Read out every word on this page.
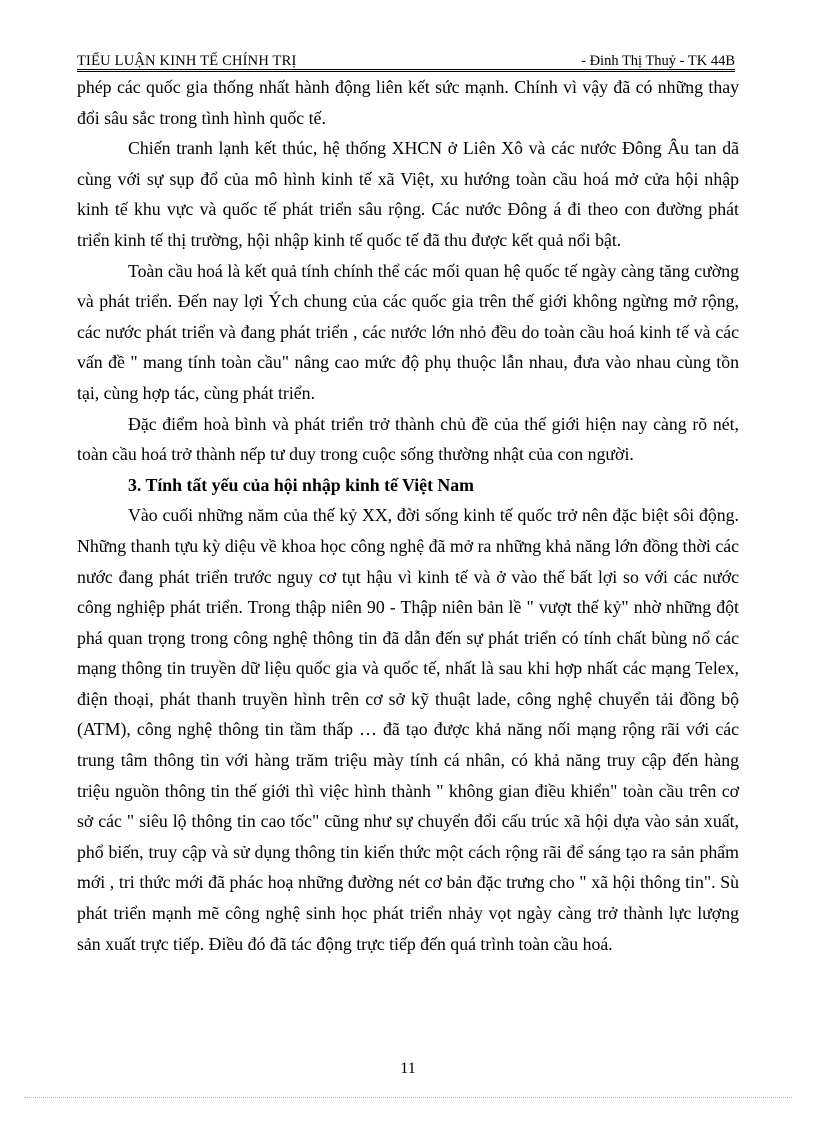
TIỂU LUẬN KINH TẾ CHÍNH TRỊ	- Đinh Thị Thuỷ - TK 44B

phép các quốc gia thống nhất hành động liên kết sức mạnh. Chính vì vậy đã có những thay đổi sâu sắc trong tình hình quốc tế.

Chiến tranh lạnh kết thúc, hệ thống XHCN ở Liên Xô và các nước Đông Âu tan dã cùng với sự sụp đổ của mô hình kinh tế xã Việt, xu hướng toàn cầu hoá mở cửa hội nhập kinh tế khu vực và quốc tế phát triển sâu rộng. Các nước Đông á đi theo con đường phát triển kinh tế thị trường, hội nhập kinh tế quốc tế đã thu được kết quả nổi bật.

Toàn cầu hoá là kết quả tính chính thể các mối quan hệ quốc tế ngày càng tăng cường và phát triển. Đến nay lợi Ých chung của các quốc gia trên thế giới không ngừng mở rộng, các nước phát triển và đang phát triển , các nước lớn nhỏ đều do toàn cầu hoá kinh tế và các vấn đề " mang tính toàn cầu" nâng cao mức độ phụ thuộc lẫn nhau, đưa vào nhau cùng tồn tại, cùng hợp tác, cùng phát triển.

Đặc điểm hoà bình và phát triển trở thành chủ đề của thế giới hiện nay càng rõ nét, toàn cầu hoá trở thành nếp tư duy trong cuộc sống thường nhật của con người.

3. Tính tất yếu của hội nhập kinh tế Việt Nam

Vào cuối những năm của thế kỷ XX, đời sống kinh tế quốc trở nên đặc biệt sôi động. Những thanh tựu kỳ diệu về khoa học công nghệ đã mở ra những khả năng lớn đồng thời các nước đang phát triển trước nguy cơ tụt hậu vì kinh tế và ở vào thế bất lợi so với các nước công nghiệp phát triển. Trong thập niên 90 - Thập niên bản lề " vượt thế kỷ" nhờ những đột phá quan trọng trong công nghệ thông tin đã dẫn đến sự phát triển có tính chất bùng nổ các mạng thông tin truyền dữ liệu quốc gia và quốc tế, nhất là sau khi hợp nhất các mạng Telex, điện thoại, phát thanh truyền hình trên cơ sở kỹ thuật lade, công nghệ chuyển tải đồng bộ (ATM), công nghệ thông tin tầm thấp … đã tạo được khả năng nối mạng rộng rãi với các trung tâm thông tin với hàng trăm triệu mày tính cá nhân, có khả năng truy cập đến hàng triệu nguồn thông tin thế giới thì việc hình thành " không gian điều khiển" toàn cầu trên cơ sở các " siêu lộ thông tin cao tốc" cũng như sự chuyển đổi cấu trúc xã hội dựa vào sản xuất, phổ biến, truy cập và sử dụng thông tin kiến thức một cách rộng rãi để sáng tạo ra sản phẩm mới , tri thức mới đã phác hoạ những đường nét cơ bản đặc trưng cho " xã hội thông tin". Sù phát triển mạnh mẽ công nghệ sinh học phát triển nhảy vọt ngày càng trở thành lực lượng sản xuất trực tiếp. Điều đó đã tác động trực tiếp đến quá trình toàn cầu hoá.

11
